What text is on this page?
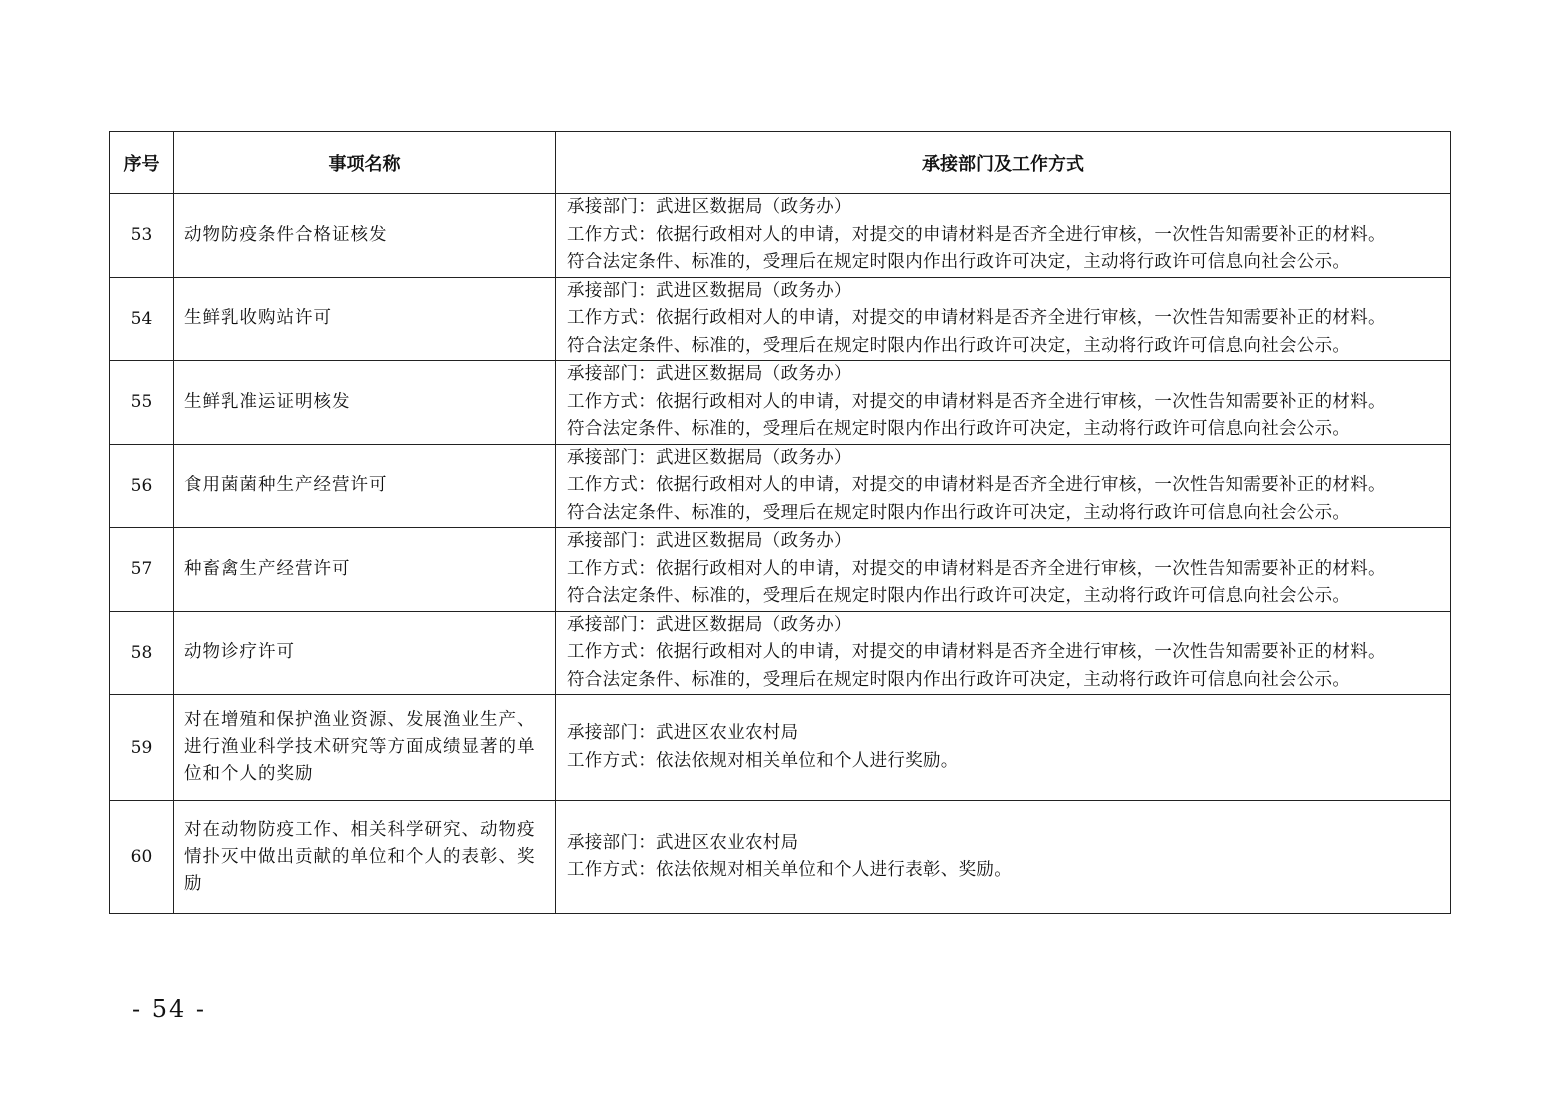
序号	事项名称	承接部门及工作方式
53	动物防疫条件合格证核发	承接部门：武进区数据局（政务办）
工作方式：依据行政相对人的申请，对提交的申请材料是否齐全进行审核，一次性告知需要补正的材料。
符合法定条件、标准的，受理后在规定时限内作出行政许可决定，主动将行政许可信息向社会公示。

54	生鲜乳收购站许可	承接部门：武进区数据局（政务办）
工作方式：依据行政相对人的申请，对提交的申请材料是否齐全进行审核，一次性告知需要补正的材料。
符合法定条件、标准的，受理后在规定时限内作出行政许可决定，主动将行政许可信息向社会公示。

55	生鲜乳准运证明核发	承接部门：武进区数据局（政务办）
工作方式：依据行政相对人的申请，对提交的申请材料是否齐全进行审核，一次性告知需要补正的材料。
符合法定条件、标准的，受理后在规定时限内作出行政许可决定，主动将行政许可信息向社会公示。

56	食用菌菌种生产经营许可	承接部门：武进区数据局（政务办）
工作方式：依据行政相对人的申请，对提交的申请材料是否齐全进行审核，一次性告知需要补正的材料。
符合法定条件、标准的，受理后在规定时限内作出行政许可决定，主动将行政许可信息向社会公示。

57	种畜禽生产经营许可	承接部门：武进区数据局（政务办）
工作方式：依据行政相对人的申请，对提交的申请材料是否齐全进行审核，一次性告知需要补正的材料。
符合法定条件、标准的，受理后在规定时限内作出行政许可决定，主动将行政许可信息向社会公示。

58	动物诊疗许可	承接部门：武进区数据局（政务办）
工作方式：依据行政相对人的申请，对提交的申请材料是否齐全进行审核，一次性告知需要补正的材料。
符合法定条件、标准的，受理后在规定时限内作出行政许可决定，主动将行政许可信息向社会公示。

59	对在增殖和保护渔业资源、发展渔业生产、进行渔业科学技术研究等方面成绩显著的单位和个人的奖励	承接部门：武进区农业农村局
工作方式：依法依规对相关单位和个人进行奖励。

60	对在动物防疫工作、相关科学研究、动物疫情扑灭中做出贡献的单位和个人的表彰、奖励	承接部门：武进区农业农村局
工作方式：依法依规对相关单位和个人进行表彰、奖励。
- 54 -
